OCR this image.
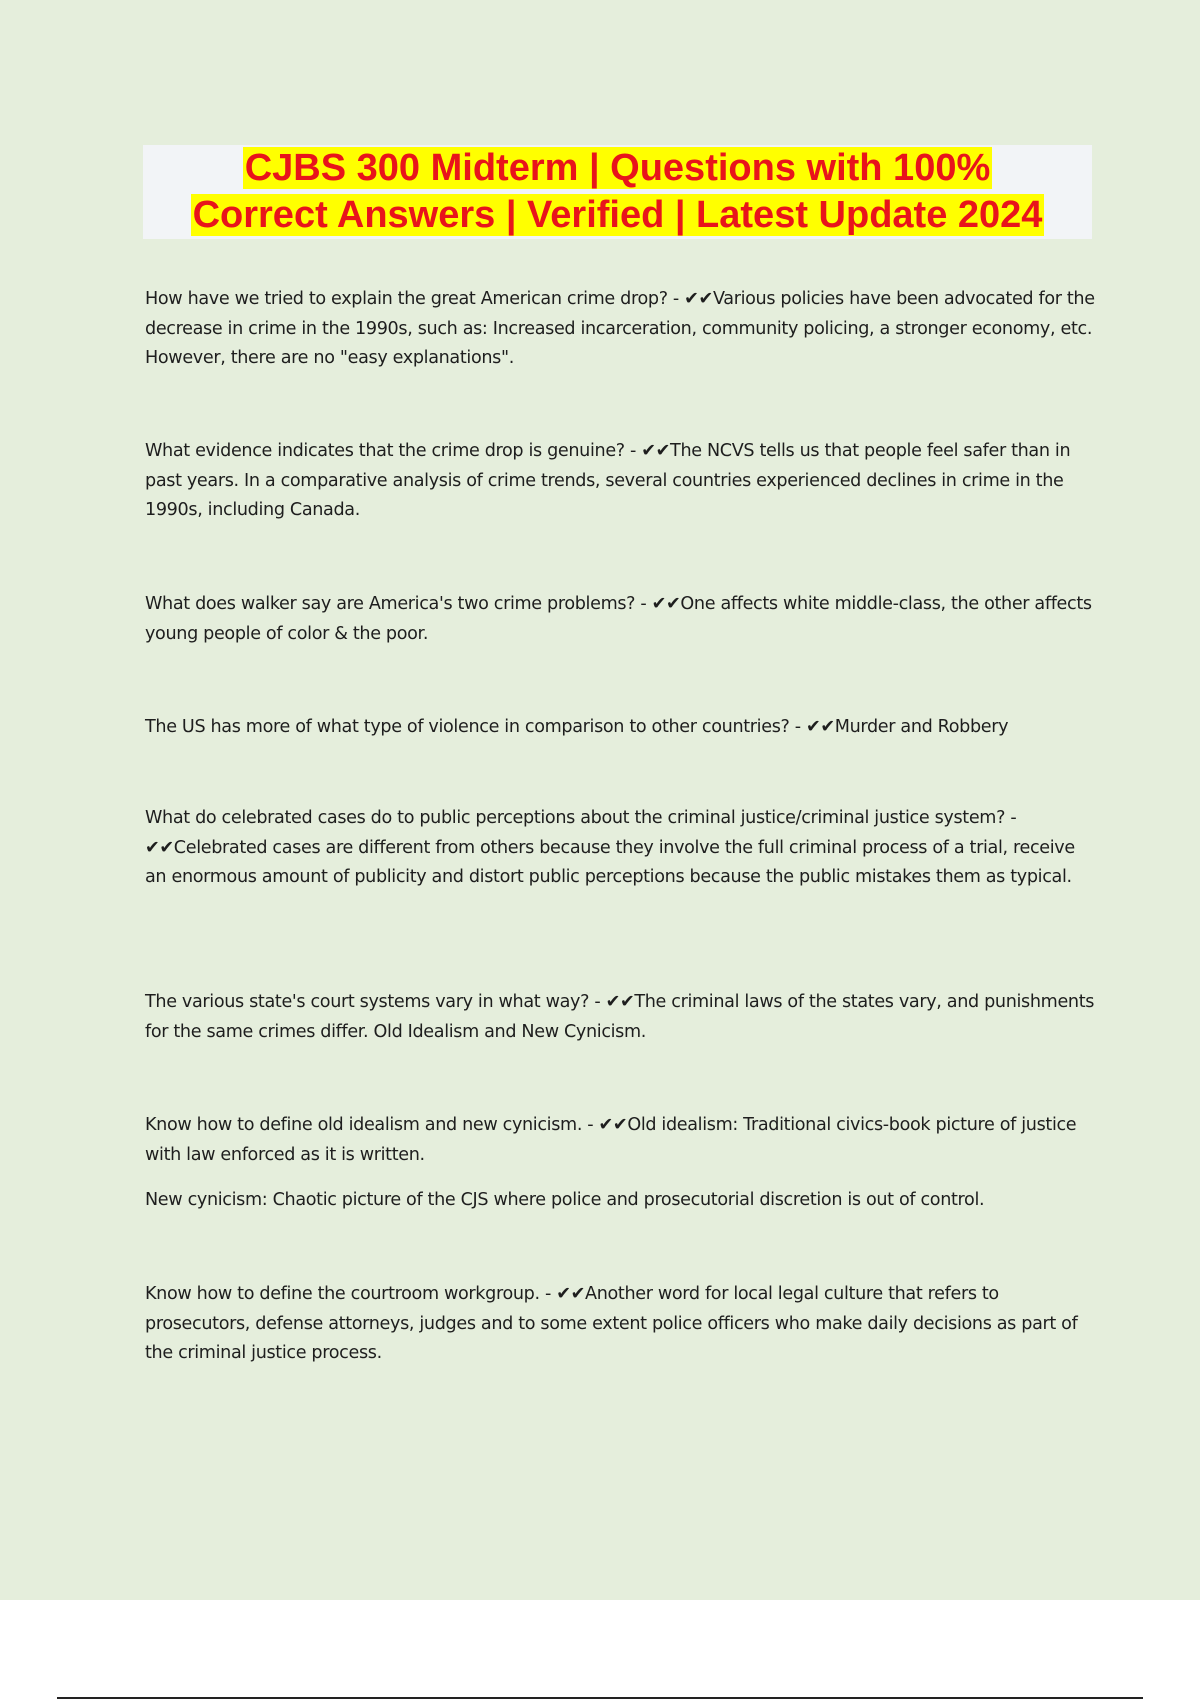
CJBS 300 Midterm | Questions with 100%
Correct Answers | Verified | Latest Update 2024

How have we tried to explain the great American crime drop? - ✔✔Various policies have been advocated for the decrease in crime in the 1990s, such as: Increased incarceration, community policing, a stronger economy, etc. However, there are no "easy explanations".

What evidence indicates that the crime drop is genuine? - ✔✔The NCVS tells us that people feel safer than in past years. In a comparative analysis of crime trends, several countries experienced declines in crime in the 1990s, including Canada.

What does walker say are America's two crime problems? - ✔✔One affects white middle-class, the other affects young people of color & the poor.

The US has more of what type of violence in comparison to other countries? - ✔✔Murder and Robbery

What do celebrated cases do to public perceptions about the criminal justice/criminal justice system? - ✔✔Celebrated cases are different from others because they involve the full criminal process of a trial, receive an enormous amount of publicity and distort public perceptions because the public mistakes them as typical.

The various state's court systems vary in what way? - ✔✔The criminal laws of the states vary, and punishments for the same crimes differ. Old Idealism and New Cynicism.

Know how to define old idealism and new cynicism. - ✔✔Old idealism: Traditional civics-book picture of justice with law enforced as it is written.

New cynicism: Chaotic picture of the CJS where police and prosecutorial discretion is out of control.

Know how to define the courtroom workgroup. - ✔✔Another word for local legal culture that refers to prosecutors, defense attorneys, judges and to some extent police officers who make daily decisions as part of the criminal justice process.
